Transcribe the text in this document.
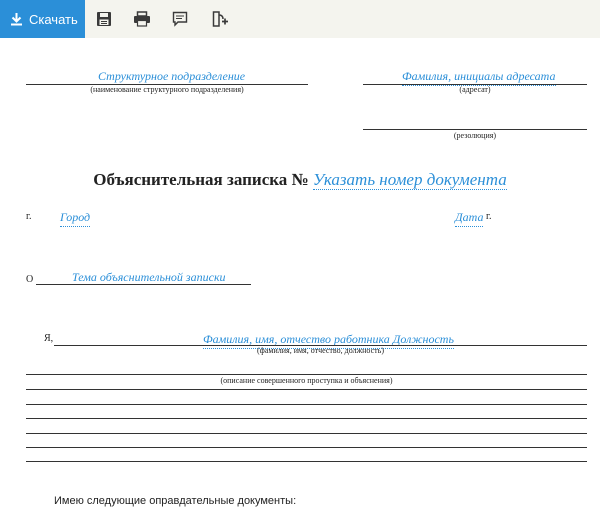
Скачать
Структурное подразделение
(наименование структурного подразделения)
Фамилия, инициалы адресата
(адресат)
(резолюция)
Объяснительная записка № Указать номер документа
г. Город	Дата г.
О	Тема объяснительной записки
Я,	Фамилия, имя, отчество работника Должность
(фамилия, имя, отчество, должность)
(описание совершенного проступка и объяснения)
Имею следующие оправдательные документы:
